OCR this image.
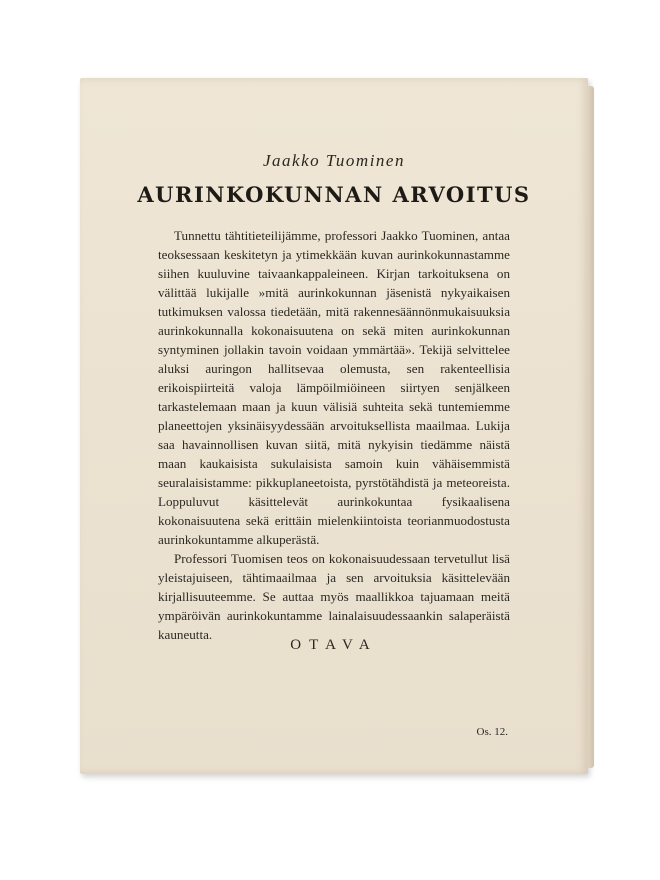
Jaakko Tuominen
AURINKOKUNNAN ARVOITUS

Tunnettu tähtitieteilijämme, professori Jaakko Tuominen, antaa teoksessaan keskitetyn ja ytimekkään kuvan aurinkokunnastamme siihen kuuluvine taivaankappaleineen. Kirjan tarkoituksena on välittää lukijalle »mitä aurinkokunnan jäsenistä nykyaikaisen tutkimuksen valossa tiedetään, mitä rakennesäännönmukaisuuksia aurinkokunnalla kokonaisuutena on sekä miten aurinkokunnan syntyminen jollakin tavoin voidaan ymmärtää». Tekijä selvittelee aluksi auringon hallitsevaa olemusta, sen rakenteellisia erikoispiirteitä valoja lämpöilmiöineen siirtyen senjälkeen tarkastelemaan maan ja kuun välisiä suhteita sekä tuntemiemme planeettojen yksinäisyydessään arvoituksellista maailmaa. Lukija saa havainnollisen kuvan siitä, mitä nykyisin tiedämme näistä maan kaukaisista sukulaisista samoin kuin vähäisemmistä seuralaisistamme: pikkuplaneetoista, pyrstötähdistä ja meteoreista. Loppuluvut käsittelevät aurinkokuntaa fysikaalisena kokonaisuutena sekä erittäin mielenkiintoista teorianmuodostusta aurinkokuntamme alkuperästä.

Professori Tuomisen teos on kokonaisuudessaan tervetullut lisä yleistajuiseen, tähtimaailmaa ja sen arvoituksia käsittelevään kirjallisuuteemme. Se auttaa myös maallikkoa tajuamaan meitä ympäröivän aurinkokuntamme lainalaisuudessaankin salaperäistä kauneutta.

OTAVA
Os. 12.
